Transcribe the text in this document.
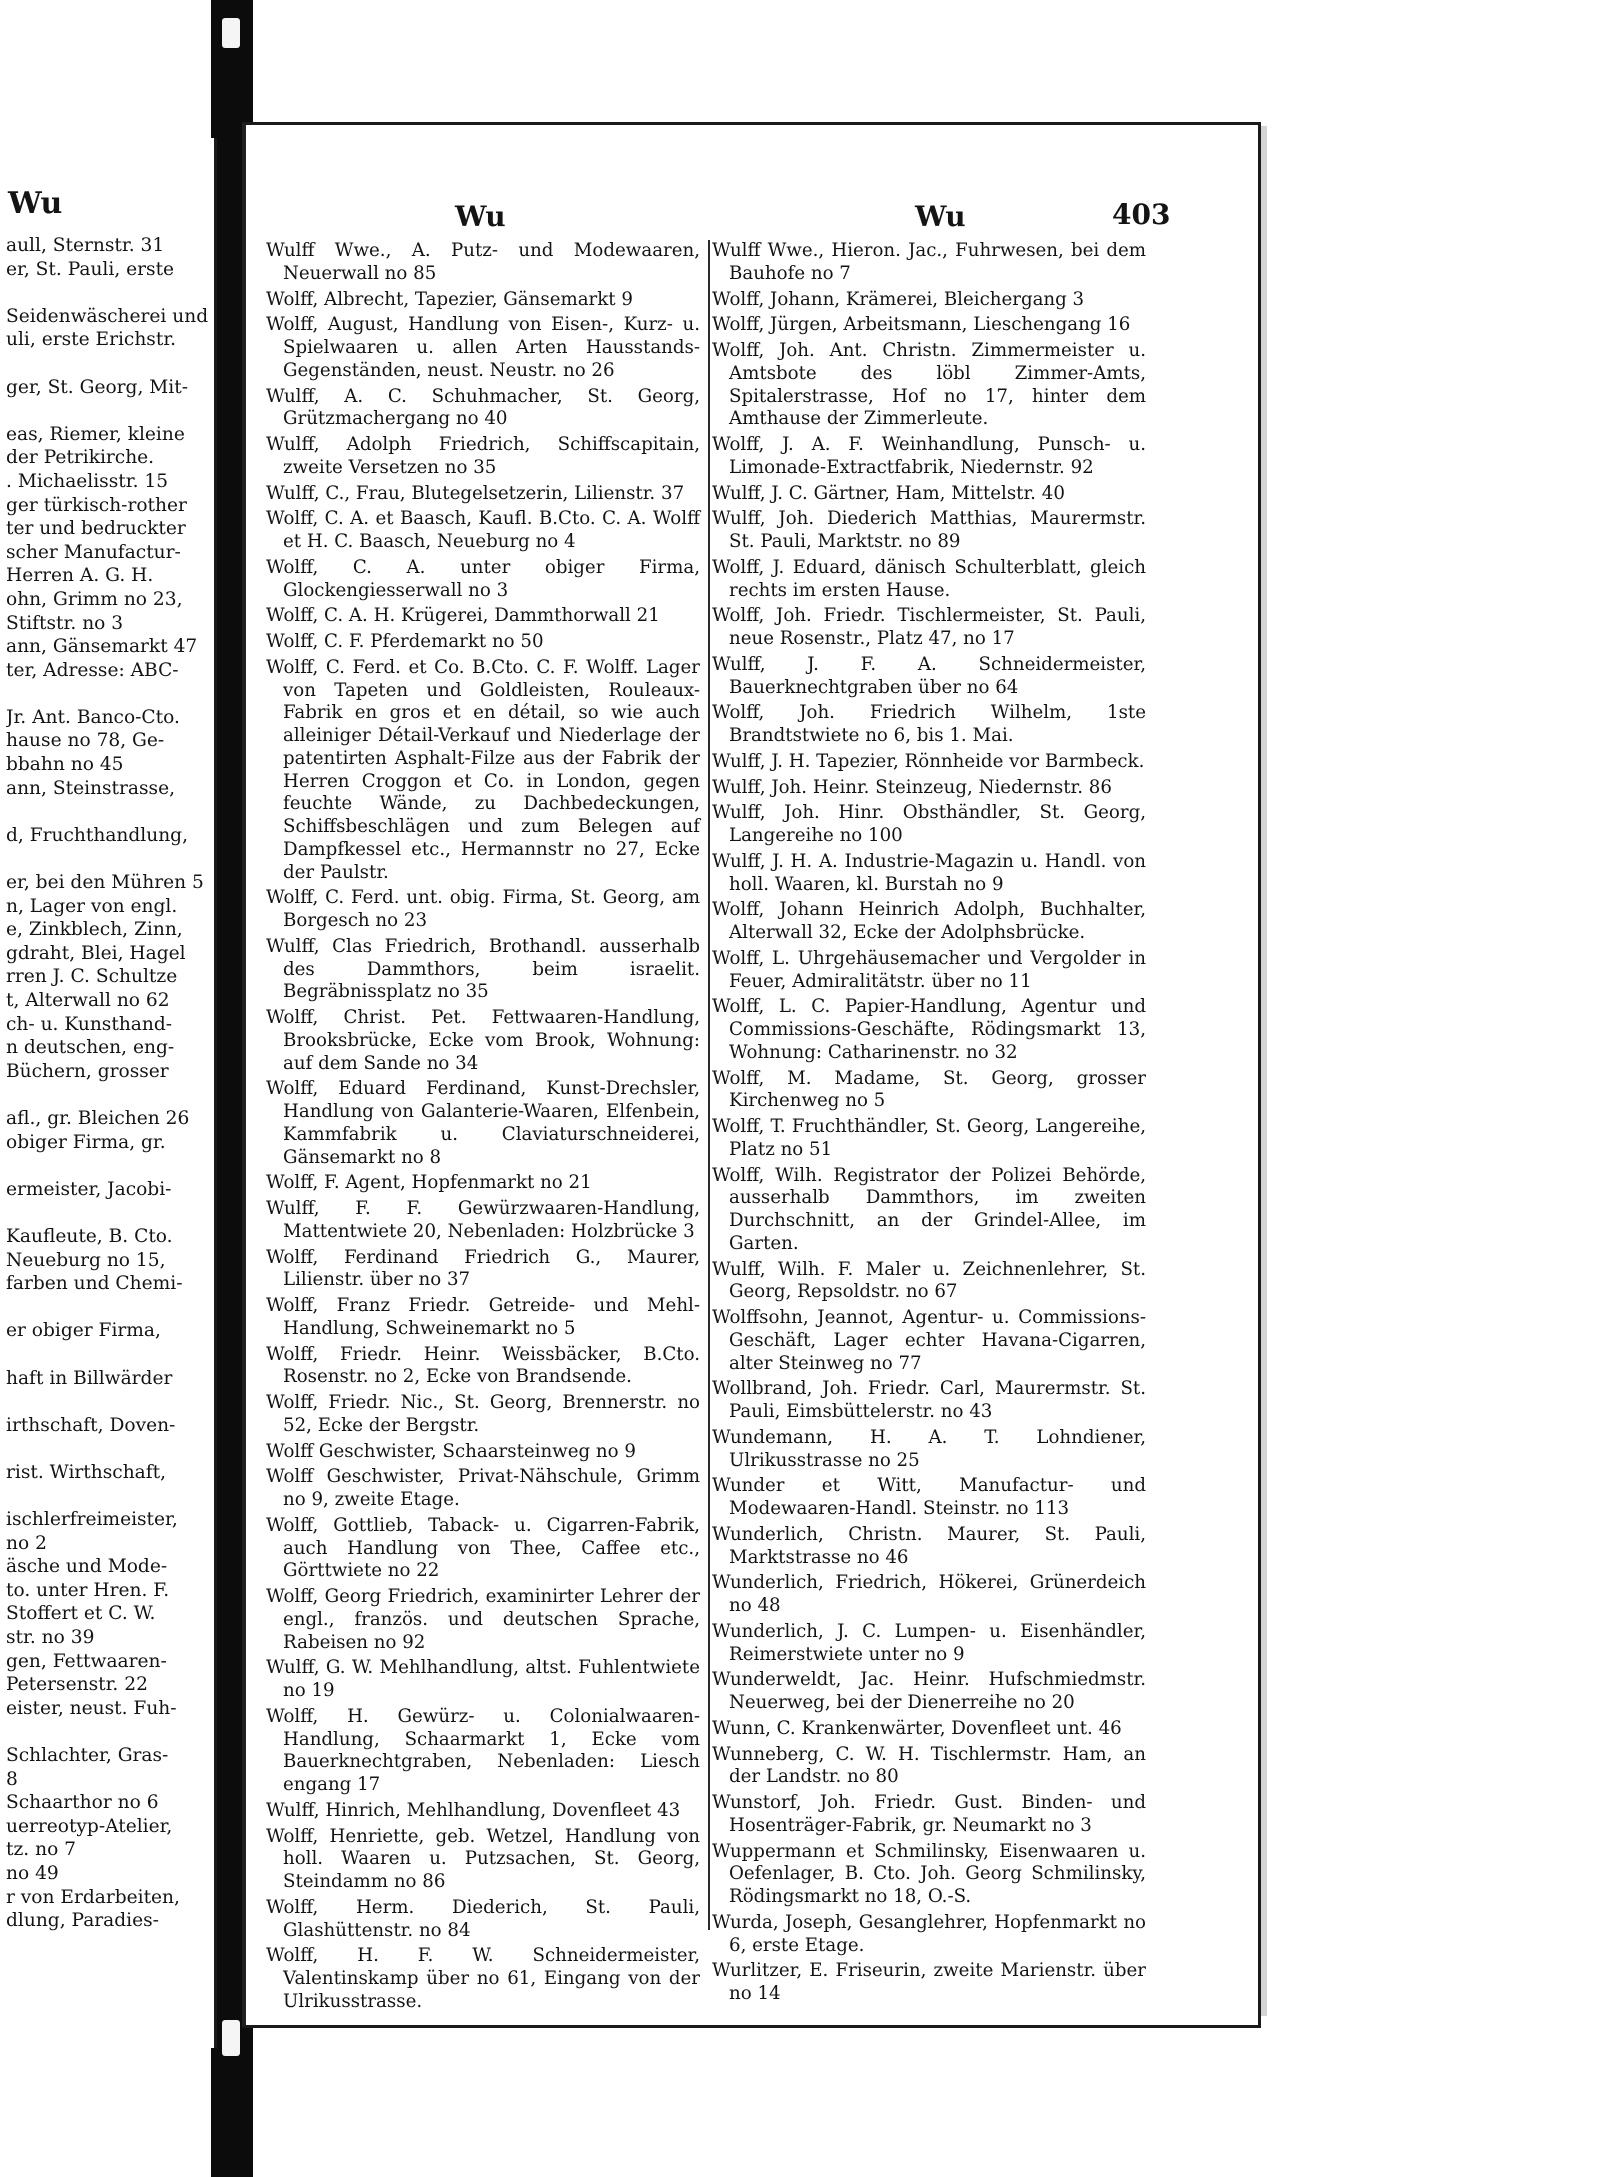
Wu
aull, Sternstr. 31
er, St. Pauli, erste
Seidenwäscherei und
uli, erste Erichstr.
ger, St. Georg, Mit-
eas, Riemer, kleine
der Petrikirche.
. Michaelisstr. 15
ger türkisch-rother
ter und bedruckter
scher Manufactur-
Herren A. G. H.
ohn, Grimm no 23,
Stiftstr. no 3
ann, Gänsemarkt 47
ter, Adresse: ABC-
Jr. Ant. Banco-Cto.
hause no 78, Ge-
bbahn no 45
ann, Steinstrasse,
d, Fruchthandlung,
er, bei den Mühren 5
n, Lager von engl.
e, Zinkblech, Zinn,
gdraht, Blei, Hagel
rren J. C. Schultze
t, Alterwall no 62
ch- u. Kunsthand-
n deutschen, eng-
Büchern, grosser
afl., gr. Bleichen 26
obiger Firma, gr.
ermeister, Jacobi-
Kaufleute, B. Cto.
Neueburg no 15,
farben und Chemi-
er obiger Firma,
haft in Billwärder
irthschaft, Doven-
rist. Wirthschaft,
ischlerfreimeister,
no 2
äsche und Mode-
to. unter Hren. F.
Stoffert et C. W.
str. no 39
gen, Fettwaaren-
Petersenstr. 22
eister, neust. Fuh-
Schlachter, Gras-
8
Schaarthor no 6
uerreotyp-Atelier,
tz. no 7
no 49
r von Erdarbeiten,
dlung, Paradies-
Wu	Wu	403
Wulff Wwe., A. Putz- und Modewaaren, Neuerwall no 85
Wolff, Albrecht, Tapezier, Gänsemarkt 9
Wolff, August, Handlung von Eisen-, Kurz- u. Spielwaaren u. allen Arten Hausstands-Gegenständen, neust. Neustr. no 26
Wulff, A. C. Schuhmacher, St. Georg, Grützmachergang no 40
Wulff, Adolph Friedrich, Schiffscapitain, zweite Versetzen no 35
Wulff, C., Frau, Blutegelsetzerin, Lilienstr. 37
Wolff, C. A. et Baasch, Kaufl. B.Cto. C. A. Wolff et H. C. Baasch, Neueburg no 4
Wolff, C. A. unter obiger Firma, Glockengiesserwall no 3
Wolff, C. A. H. Krügerei, Dammthorwall 21
Wolff, C. F. Pferdemarkt no 50
Wolff, C. Ferd. et Co. B.Cto. C. F. Wolff. Lager von Tapeten und Goldleisten, Rouleaux-Fabrik en gros et en détail, so wie auch alleiniger Détail-Verkauf und Niederlage der patentirten Asphalt-Filze aus der Fabrik der Herren Croggon et Co. in London, gegen feuchte Wände, zu Dachbedeckungen, Schiffsbeschlägen und zum Belegen auf Dampfkessel etc., Hermannstr no 27, Ecke der Paulstr.
Wolff, C. Ferd. unt. obig. Firma, St. Georg, am Borgesch no 23
Wulff, Clas Friedrich, Brothandl. ausserhalb des Dammthors, beim israelit. Begräbnissplatz no 35
Wolff, Christ. Pet. Fettwaaren-Handlung, Brooksbrücke, Ecke vom Brook, Wohnung: auf dem Sande no 34
Wolff, Eduard Ferdinand, Kunst-Drechsler, Handlung von Galanterie-Waaren, Elfenbein, Kammfabrik u. Claviaturschneiderei, Gänsemarkt no 8
Wolff, F. Agent, Hopfenmarkt no 21
Wulff, F. F. Gewürzwaaren-Handlung, Mattentwiete 20, Nebenladen: Holzbrücke 3
Wolff, Ferdinand Friedrich G., Maurer, Lilienstr. über no 37
Wolff, Franz Friedr. Getreide- und Mehl-Handlung, Schweinemarkt no 5
Wolff, Friedr. Heinr. Weissbäcker, B.Cto. Rosenstr. no 2, Ecke von Brandsende.
Wolff, Friedr. Nic., St. Georg, Brennerstr. no 52, Ecke der Bergstr.
Wolff Geschwister, Schaarsteinweg no 9
Wolff Geschwister, Privat-Nähschule, Grimm no 9, zweite Etage.
Wolff, Gottlieb, Taback- u. Cigarren-Fabrik, auch Handlung von Thee, Caffee etc., Görttwiete no 22
Wolff, Georg Friedrich, examinirter Lehrer der engl., französ. und deutschen Sprache, Rabeisen no 92
Wulff, G. W. Mehlhandlung, altst. Fuhlentwiete no 19
Wolff, H. Gewürz- u. Colonialwaaren-Handlung, Schaarmarkt 1, Ecke vom Bauerknechtgraben, Nebenladen: Liesch engang 17
Wulff, Hinrich, Mehlhandlung, Dovenfleet 43
Wolff, Henriette, geb. Wetzel, Handlung von holl. Waaren u. Putzsachen, St. Georg, Steindamm no 86
Wolff, Herm. Diederich, St. Pauli, Glashüttenstr. no 84
Wolff, H. F. W. Schneidermeister, Valentinskamp über no 61, Eingang von der Ulrikusstrasse.
Wulff Wwe., Hieron. Jac., Fuhrwesen, bei dem Bauhofe no 7
Wolff, Johann, Krämerei, Bleichergang 3
Wolff, Jürgen, Arbeitsmann, Lieschengang 16
Wolff, Joh. Ant. Christn. Zimmermeister u. Amtsbote des löbl Zimmer-Amts, Spitalerstrasse, Hof no 17, hinter dem Amthause der Zimmerleute.
Wolff, J. A. F. Weinhandlung, Punsch- u. Limonade-Extractfabrik, Niedernstr. 92
Wulff, J. C. Gärtner, Ham, Mittelstr. 40
Wulff, Joh. Diederich Matthias, Maurermstr. St. Pauli, Marktstr. no 89
Wolff, J. Eduard, dänisch Schulterblatt, gleich rechts im ersten Hause.
Wolff, Joh. Friedr. Tischlermeister, St. Pauli, neue Rosenstr., Platz 47, no 17
Wulff, J. F. A. Schneidermeister, Bauerknechtgraben über no 64
Wolff, Joh. Friedrich Wilhelm, 1ste Brandtstwiete no 6, bis 1. Mai.
Wulff, J. H. Tapezier, Rönnheide vor Barmbeck.
Wulff, Joh. Heinr. Steinzeug, Niedernstr. 86
Wulff, Joh. Hinr. Obsthändler, St. Georg, Langereihe no 100
Wulff, J. H. A. Industrie-Magazin u. Handl. von holl. Waaren, kl. Burstah no 9
Wolff, Johann Heinrich Adolph, Buchhalter, Alterwall 32, Ecke der Adolphsbrücke.
Wolff, L. Uhrgehäusemacher und Vergolder in Feuer, Admiralitätstr. über no 11
Wolff, L. C. Papier-Handlung, Agentur und Commissions-Geschäfte, Rödingsmarkt 13, Wohnung: Catharinenstr. no 32
Wolff, M. Madame, St. Georg, grosser Kirchenweg no 5
Wolff, T. Fruchthändler, St. Georg, Langereihe, Platz no 51
Wolff, Wilh. Registrator der Polizei Behörde, ausserhalb Dammthors, im zweiten Durchschnitt, an der Grindel-Allee, im Garten.
Wulff, Wilh. F. Maler u. Zeichnenlehrer, St. Georg, Repsoldstr. no 67
Wolffsohn, Jeannot, Agentur- u. Commissions-Geschäft, Lager echter Havana-Cigarren, alter Steinweg no 77
Wollbrand, Joh. Friedr. Carl, Maurermstr. St. Pauli, Eimsbüttelerstr. no 43
Wundemann, H. A. T. Lohndiener, Ulrikusstrasse no 25
Wunder et Witt, Manufactur- und Modewaaren-Handl. Steinstr. no 113
Wunderlich, Christn. Maurer, St. Pauli, Marktstrasse no 46
Wunderlich, Friedrich, Hökerei, Grünerdeich no 48
Wunderlich, J. C. Lumpen- u. Eisenhändler, Reimerstwiete unter no 9
Wunderweldt, Jac. Heinr. Hufschmiedmstr. Neuerweg, bei der Dienerreihe no 20
Wunn, C. Krankenwärter, Dovenfleet unt. 46
Wunneberg, C. W. H. Tischlermstr. Ham, an der Landstr. no 80
Wunstorf, Joh. Friedr. Gust. Binden- und Hosenträger-Fabrik, gr. Neumarkt no 3
Wuppermann et Schmilinsky, Eisenwaaren u. Oefenlager, B. Cto. Joh. Georg Schmilinsky, Rödingsmarkt no 18, O.-S.
Wurda, Joseph, Gesanglehrer, Hopfenmarkt no 6, erste Etage.
Wurlitzer, E. Friseurin, zweite Marienstr. über no 14
